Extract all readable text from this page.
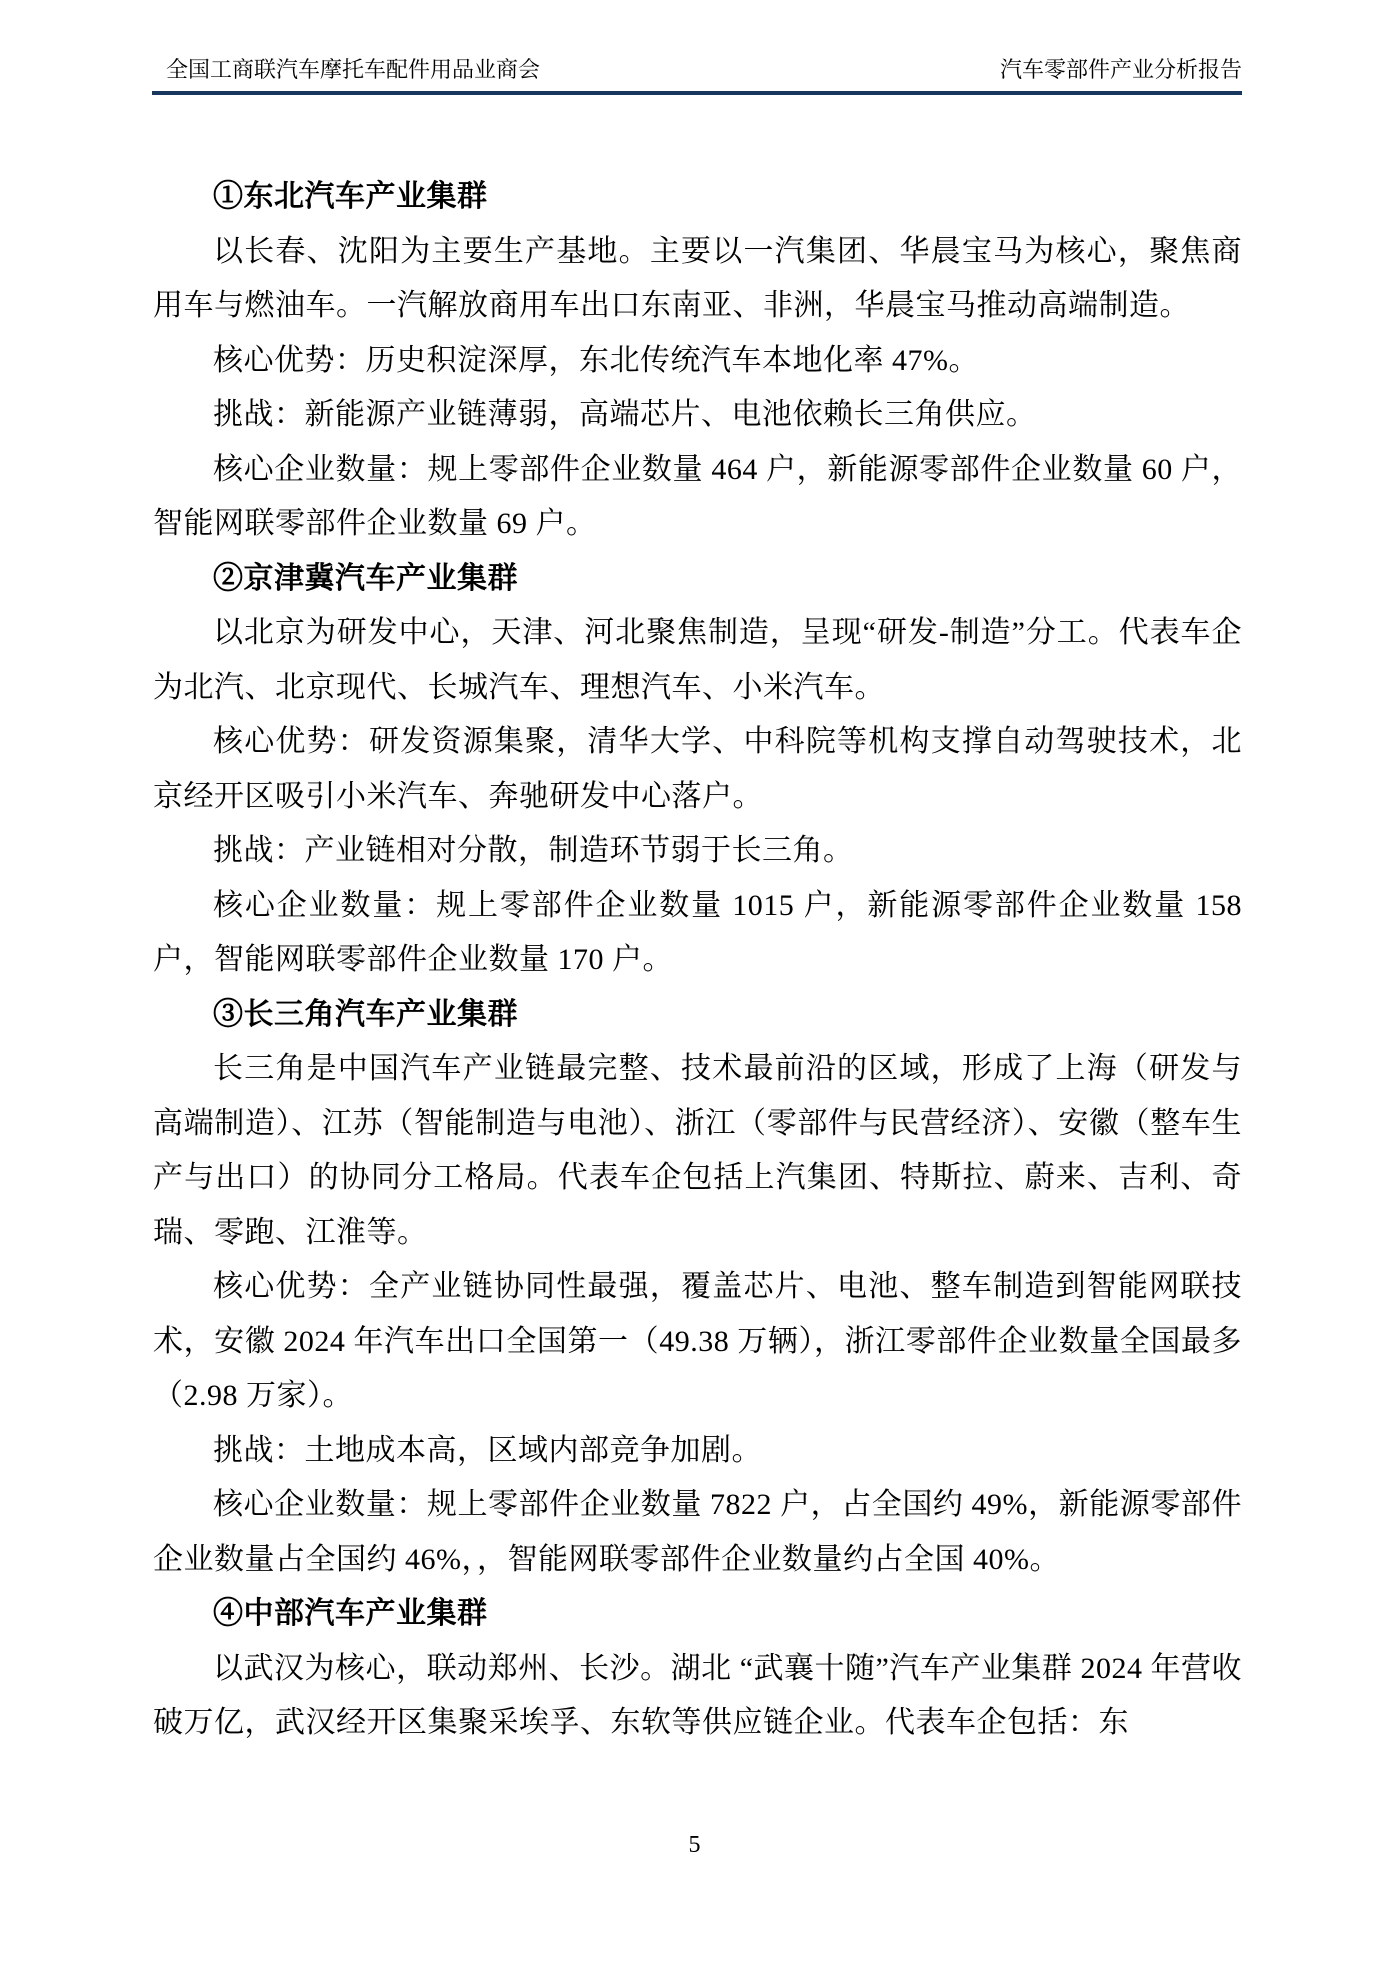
全国工商联汽车摩托车配件用品业商会	汽车零部件产业分析报告

①东北汽车产业集群

以长春、沈阳为主要生产基地。主要以一汽集团、华晨宝马为核心，聚焦商用车与燃油车。一汽解放商用车出口东南亚、非洲，华晨宝马推动高端制造。

核心优势：历史积淀深厚，东北传统汽车本地化率 47%。

挑战：新能源产业链薄弱，高端芯片、电池依赖长三角供应。

核心企业数量：规上零部件企业数量 464 户，新能源零部件企业数量 60 户，智能网联零部件企业数量 69 户。

②京津冀汽车产业集群

以北京为研发中心，天津、河北聚焦制造，呈现“研发-制造”分工。代表车企为北汽、北京现代、长城汽车、理想汽车、小米汽车。

核心优势：研发资源集聚，清华大学、中科院等机构支撑自动驾驶技术，北京经开区吸引小米汽车、奔驰研发中心落户。

挑战：产业链相对分散，制造环节弱于长三角。

核心企业数量：规上零部件企业数量 1015 户，新能源零部件企业数量 158 户，智能网联零部件企业数量 170 户。

③长三角汽车产业集群

长三角是中国汽车产业链最完整、技术最前沿的区域，形成了上海（研发与高端制造）、江苏（智能制造与电池）、浙江（零部件与民营经济）、安徽（整车生产与出口）的协同分工格局。代表车企包括上汽集团、特斯拉、蔚来、吉利、奇瑞、零跑、江淮等。

核心优势：全产业链协同性最强，覆盖芯片、电池、整车制造到智能网联技术，安徽 2024 年汽车出口全国第一（49.38 万辆），浙江零部件企业数量全国最多（2.98 万家）。

挑战：土地成本高，区域内部竞争加剧。

核心企业数量：规上零部件企业数量 7822 户，占全国约 49%，新能源零部件企业数量占全国约 46%，，智能网联零部件企业数量约占全国 40%。

④中部汽车产业集群

以武汉为核心，联动郑州、长沙。湖北 “武襄十随”汽车产业集群 2024 年营收破万亿，武汉经开区集聚采埃孚、东软等供应链企业。代表车企包括：东

5
